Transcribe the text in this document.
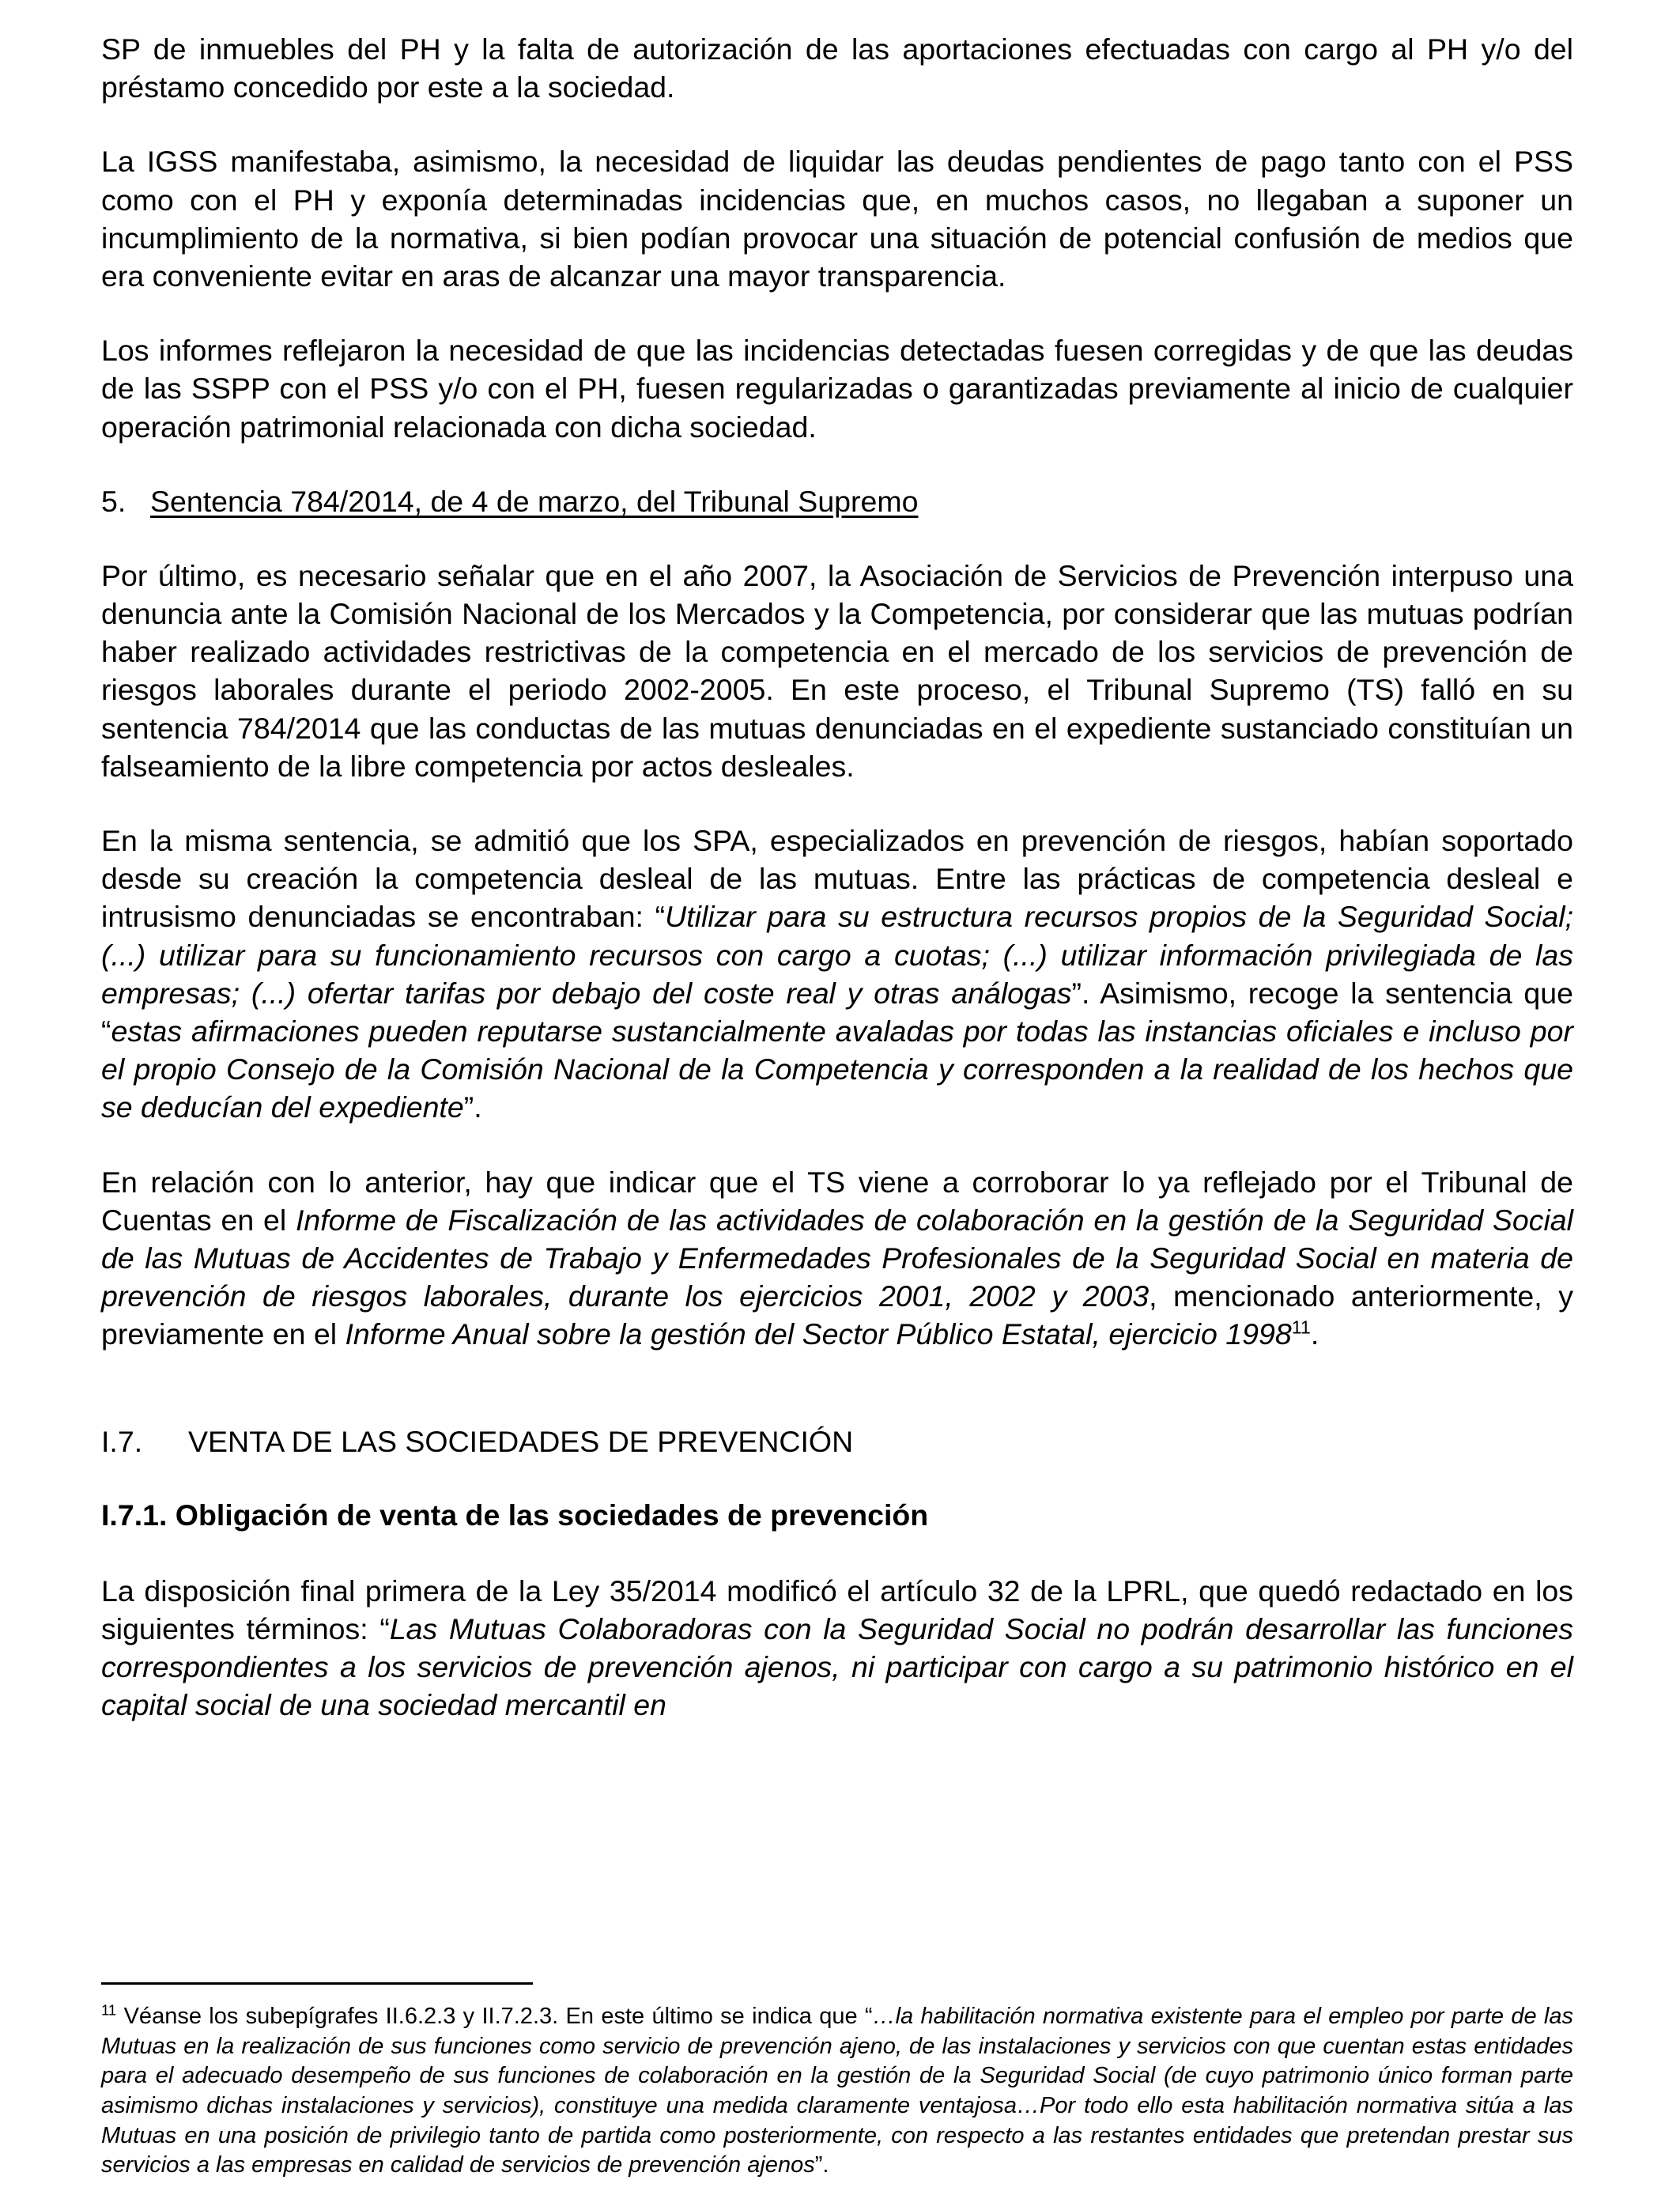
SP de inmuebles del PH y la falta de autorización de las aportaciones efectuadas con cargo al PH y/o del préstamo concedido por este a la sociedad.

La IGSS manifestaba, asimismo, la necesidad de liquidar las deudas pendientes de pago tanto con el PSS como con el PH y exponía determinadas incidencias que, en muchos casos, no llegaban a suponer un incumplimiento de la normativa, si bien podían provocar una situación de potencial confusión de medios que era conveniente evitar en aras de alcanzar una mayor transparencia.

Los informes reflejaron la necesidad de que las incidencias detectadas fuesen corregidas y de que las deudas de las SSPP con el PSS y/o con el PH, fuesen regularizadas o garantizadas previamente al inicio de cualquier operación patrimonial relacionada con dicha sociedad.

5. Sentencia 784/2014, de 4 de marzo, del Tribunal Supremo

Por último, es necesario señalar que en el año 2007, la Asociación de Servicios de Prevención interpuso una denuncia ante la Comisión Nacional de los Mercados y la Competencia, por considerar que las mutuas podrían haber realizado actividades restrictivas de la competencia en el mercado de los servicios de prevención de riesgos laborales durante el periodo 2002-2005. En este proceso, el Tribunal Supremo (TS) falló en su sentencia 784/2014 que las conductas de las mutuas denunciadas en el expediente sustanciado constituían un falseamiento de la libre competencia por actos desleales.

En la misma sentencia, se admitió que los SPA, especializados en prevención de riesgos, habían soportado desde su creación la competencia desleal de las mutuas. Entre las prácticas de competencia desleal e intrusismo denunciadas se encontraban: “Utilizar para su estructura recursos propios de la Seguridad Social; (...) utilizar para su funcionamiento recursos con cargo a cuotas; (...) utilizar información privilegiada de las empresas; (...) ofertar tarifas por debajo del coste real y otras análogas”. Asimismo, recoge la sentencia que “estas afirmaciones pueden reputarse sustancialmente avaladas por todas las instancias oficiales e incluso por el propio Consejo de la Comisión Nacional de la Competencia y corresponden a la realidad de los hechos que se deducían del expediente”.

En relación con lo anterior, hay que indicar que el TS viene a corroborar lo ya reflejado por el Tribunal de Cuentas en el Informe de Fiscalización de las actividades de colaboración en la gestión de la Seguridad Social de las Mutuas de Accidentes de Trabajo y Enfermedades Profesionales de la Seguridad Social en materia de prevención de riesgos laborales, durante los ejercicios 2001, 2002 y 2003, mencionado anteriormente, y previamente en el Informe Anual sobre la gestión del Sector Público Estatal, ejercicio 1998$^{11}$.

I.7.	VENTA DE LAS SOCIEDADES DE PREVENCIÓN
I.7.1. Obligación de venta de las sociedades de prevención

La disposición final primera de la Ley 35/2014 modificó el artículo 32 de la LPRL, que quedó redactado en los siguientes términos: “Las Mutuas Colaboradoras con la Seguridad Social no podrán desarrollar las funciones correspondientes a los servicios de prevención ajenos, ni participar con cargo a su patrimonio histórico en el capital social de una sociedad mercantil en

$^{11}$ Véanse los subepígrafes II.6.2.3 y II.7.2.3. En este último se indica que “…la habilitación normativa existente para el empleo por parte de las Mutuas en la realización de sus funciones como servicio de prevención ajeno, de las instalaciones y servicios con que cuentan estas entidades para el adecuado desempeño de sus funciones de colaboración en la gestión de la Seguridad Social (de cuyo patrimonio único forman parte asimismo dichas instalaciones y servicios), constituye una medida claramente ventajosa…Por todo ello esta habilitación normativa sitúa a las Mutuas en una posición de privilegio tanto de partida como posteriormente, con respecto a las restantes entidades que pretendan prestar sus servicios a las empresas en calidad de servicios de prevención ajenos”.
